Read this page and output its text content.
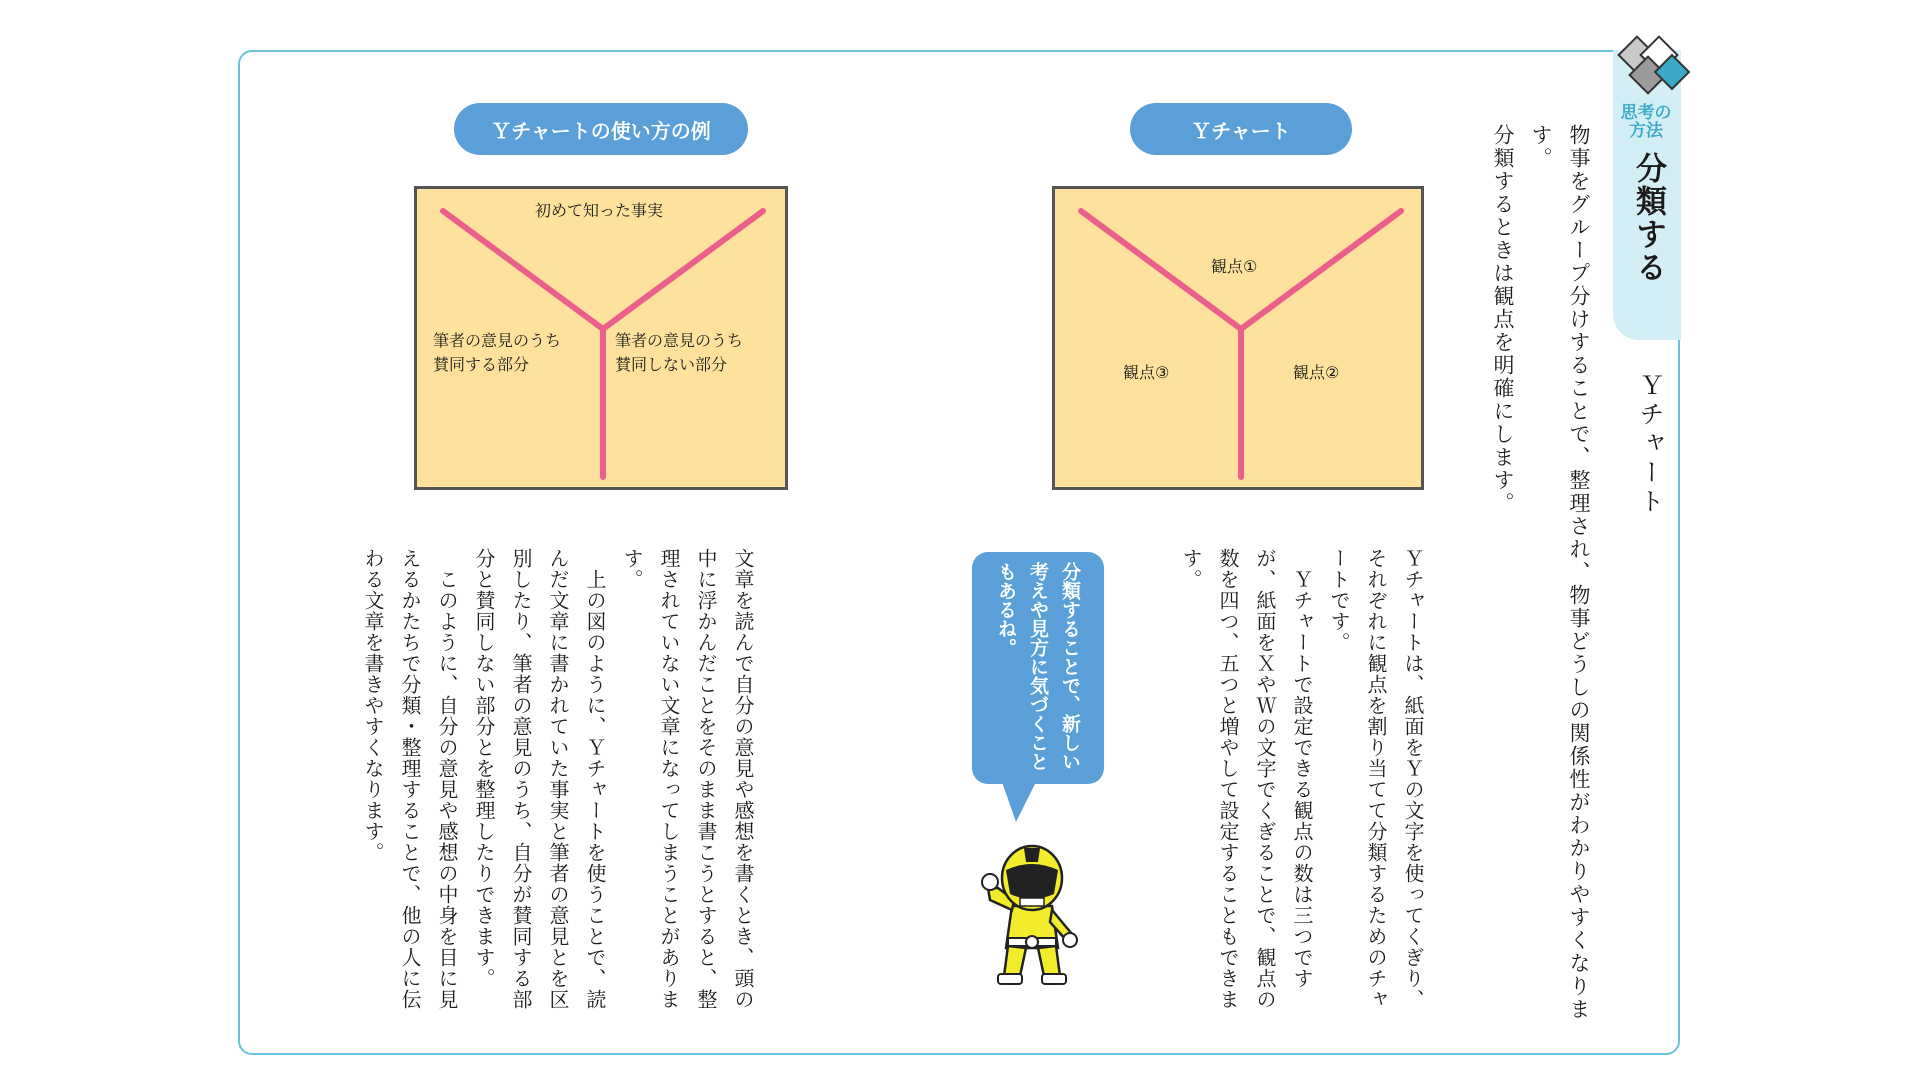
思考の
方法
分類する
Ｙチャート
物事をグループ分けすることで、整理され、物事どうしの関係性がわかりやすくなります。
分類するときは観点を明確にします。
Ｙチャート
観点①
観点②
観点③
Ｙチャートは、紙面をＹの文字を使ってくぎり、それぞれに観点を割り当てて分類するためのチャートです。
　Ｙチャートで設定できる観点の数は三つですが、紙面をＸやＷの文字でくぎることで、観点の数を四つ、五つと増やして設定することもできます。
分類することで、新しい考えや見方に気づくこともあるね。
Ｙチャートの使い方の例
初めて知った事実
筆者の意見のうち
賛同する部分
筆者の意見のうち
賛同しない部分
文章を読んで自分の意見や感想を書くとき、頭の中に浮かんだことをそのまま書こうとすると、整理されていない文章になってしまうことがあります。
　上の図のように、Ｙチャートを使うことで、読んだ文章に書かれていた事実と筆者の意見とを区別したり、筆者の意見のうち、自分が賛同する部分と賛同しない部分とを整理したりできます。
　このように、自分の意見や感想の中身を目に見えるかたちで分類・整理することで、他の人に伝わる文章を書きやすくなります。
